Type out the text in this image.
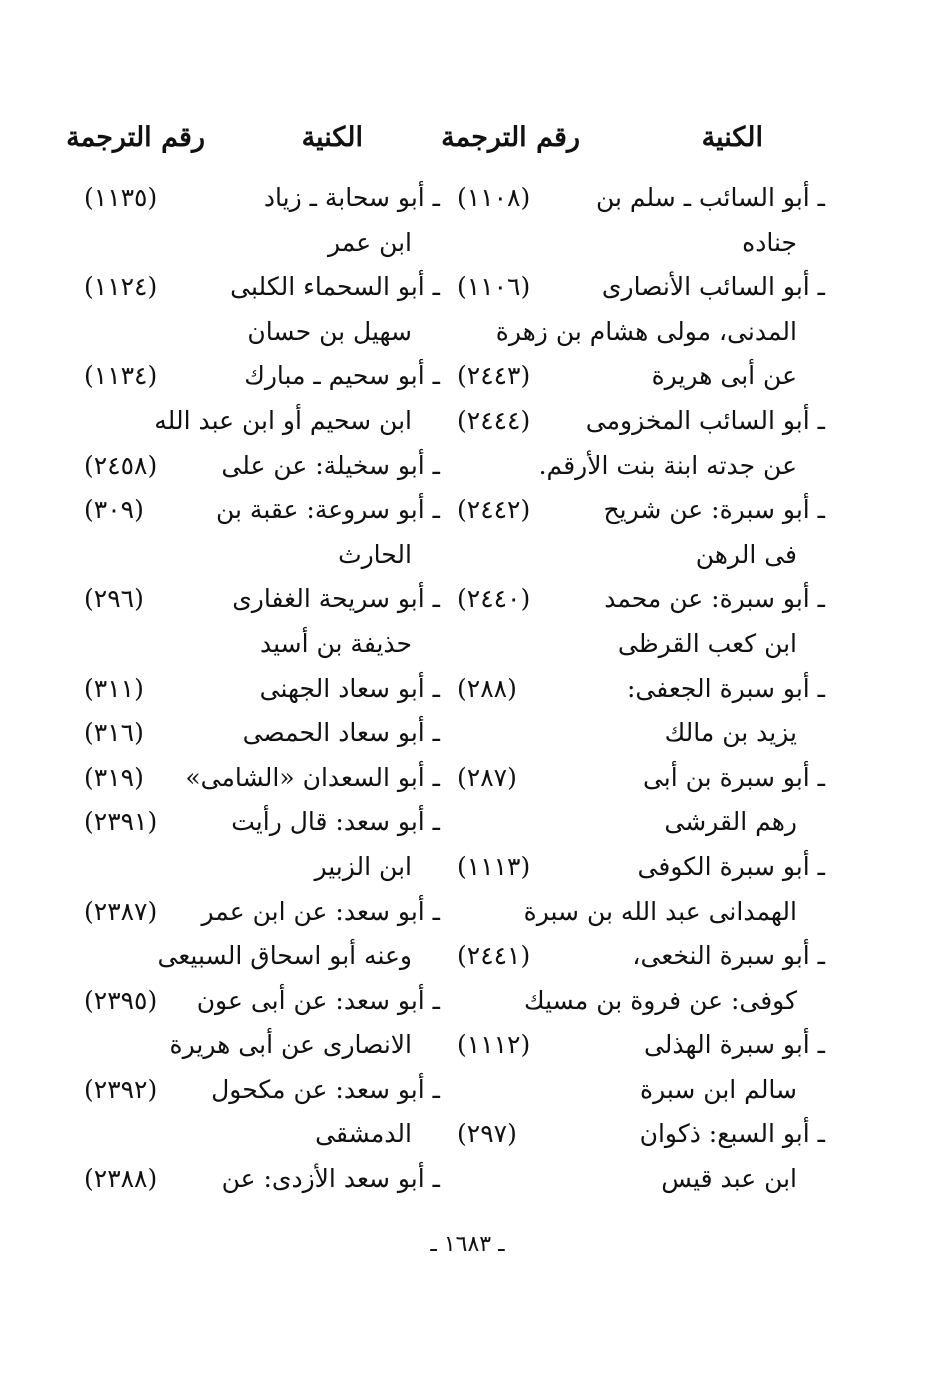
الكنية
رقم الترجمة
الكنية
رقم الترجمة
ـ أبو السائب ـ سلم بن
(١١٠٨)
جناده
ـ أبو السائب الأنصارى
(١١٠٦)
المدنى، مولى هشام بن زهرة
عن أبى هريرة
(٢٤٤٣)
ـ أبو السائب المخزومى
(٢٤٤٤)
عن جدته ابنة بنت الأرقم.
ـ أبو سبرة: عن شريح
(٢٤٤٢)
فى الرهن
ـ أبو سبرة: عن محمد
(٢٤٤٠)
ابن كعب القرظى
ـ أبو سبرة الجعفى:
(٢٨٨)
يزيد بن مالك
ـ أبو سبرة بن أبى
(٢٨٧)
رهم القرشى
ـ أبو سبرة الكوفى
(١١١٣)
الهمدانى عبد الله بن سبرة
ـ أبو سبرة النخعى،
(٢٤٤١)
كوفى: عن فروة بن مسيك
ـ أبو سبرة الهذلى
(١١١٢)
سالم ابن سبرة
ـ أبو السبع: ذكوان
(٢٩٧)
ابن عبد قيس
ـ أبو سحابة ـ زياد
(١١٣٥)
ابن عمر
ـ أبو السحماء الكلبى
(١١٢٤)
سهيل بن حسان
ـ أبو سحيم ـ مبارك
(١١٣٤)
ابن سحيم أو ابن عبد الله
ـ أبو سخيلة: عن على
(٢٤٥٨)
ـ أبو سروعة: عقبة بن
(٣٠٩)
الحارث
ـ أبو سريحة الغفارى
(٢٩٦)
حذيفة بن أسيد
ـ أبو سعاد الجهنى
(٣١١)
ـ أبو سعاد الحمصى
(٣١٦)
ـ أبو السعدان «الشامى»
(٣١٩)
ـ أبو سعد: قال رأيت
(٢٣٩١)
ابن الزبير
ـ أبو سعد: عن ابن عمر
(٢٣٨٧)
وعنه أبو اسحاق السبيعى
ـ أبو سعد: عن أبى عون
(٢٣٩٥)
الانصارى عن أبى هريرة
ـ أبو سعد: عن مكحول
(٢٣٩٢)
الدمشقى
ـ أبو سعد الأزدى: عن
(٢٣٨٨)
ـ ١٦٨٣ ـ
